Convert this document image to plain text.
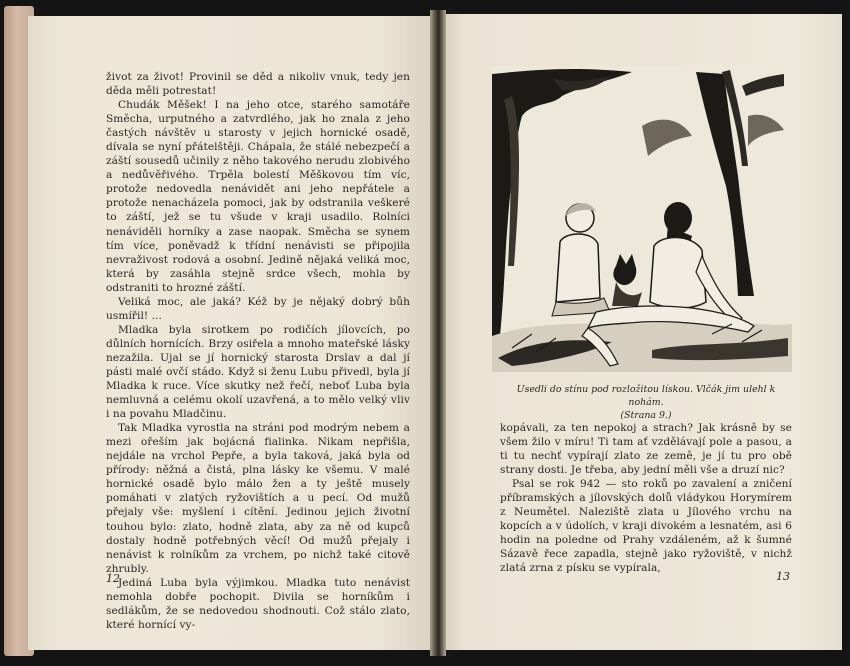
život za život! Provinil se děd a nikoliv vnuk, tedy jen děda měli potrestat!

Chudák Měšek! I na jeho otce, starého samotáře Směcha, urputného a zatvrdlého, jak ho znala z jeho častých návštěv u starosty v jejich hornické osadě, dívala se nyní přátelštěji. Chápala, že stálé nebezpečí a záští sousedů učinily z něho takového nerudu zlobivého a nedůvěřivého. Trpěla bolestí Měškovou tím víc, protože nedovedla nenávidět ani jeho nepřátele a protože nenacházela pomoci, jak by odstranila veškeré to záští, jež se tu všude v kraji usadilo. Rolníci nenáviděli horníky a zase naopak. Směcha se synem tím více, poněvadž k třídní nenávisti se připojila nevraživost rodová a osobní. Jedině nějaká veliká moc, která by zasáhla stejně srdce všech, mohla by odstraniti to hrozné záští.

Veliká moc, ale jaká? Kéž by je nějaký dobrý bůh usmířil! ...

Mladka byla sirotkem po rodičích jílovcích, po důlních hornících. Brzy osiřela a mnoho mateřské lásky nezažila. Ujal se jí hornický starosta Drslav a dal jí pásti malé ovčí stádo. Když si ženu Lubu přivedl, byla jí Mladka k ruce. Více skutky než řečí, neboť Luba byla nemluvná a celému okolí uzavřená, a to mělo velký vliv i na povahu Mladčinu.

Tak Mladka vyrostla na stráni pod modrým nebem a mezi ořeším jak bojácná fialinka. Nikam nepřišla, nejdále na vrchol Pepře, a byla taková, jaká byla od přírody: něžná a čistá, plna lásky ke všemu. V malé hornické osadě bylo málo žen a ty ještě musely pomáhati v zlatých ryžovištích a u pecí. Od mužů přejaly vše: myšlení i cítění. Jedinou jejich životní touhou bylo: zlato, hodně zlata, aby za ně od kupců dostaly hodně potřebných věcí! Od mužů přejaly i nenávist k rolníkům za vrchem, po nichž také citově zhrubly.

Jediná Luba byla výjimkou. Mladka tuto nenávist nemohla dobře pochopit. Divila se horníkům i sedlákům, že se nedovedou shodnouti. Což stálo zlato, které hornící vy-

12
Usedli do stínu pod rozložitou lískou. Vlčák jim ulehl k nohám.
(Strana 9.)

kopávali, za ten nepokoj a strach? Jak krásně by se všem žilo v míru! Ti tam ať vzdělávají pole a pasou, a ti tu nechť vypírají zlato ze země, je jí tu pro obě strany dosti. Je třeba, aby jední měli vše a druzí nic?

Psal se rok 942 — sto roků po zavalení a zničení příbramských a jílovských dolů vládykou Horymírem z Neumětel. Naleziště zlata u Jílového vrchu na kopcích a v údolích, v kraji divokém a lesnatém, asi 6 hodin na poledne od Prahy vzdáleném, až k šumné Sázavě řece zapadla, stejně jako ryžoviště, v nichž zlatá zrna z písku se vypírala,

13
